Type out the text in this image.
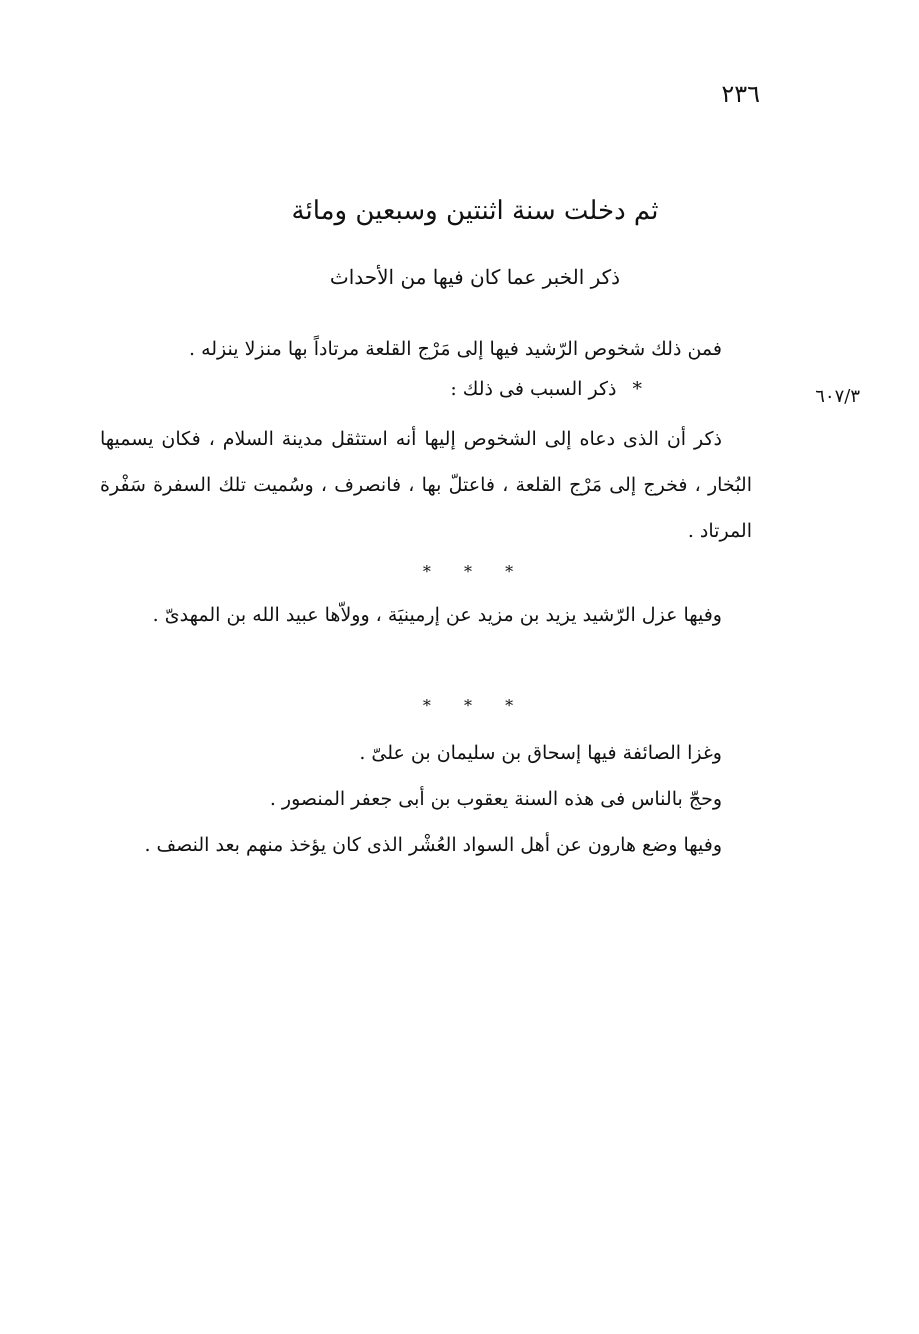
٢٣٦
٦٠٧/٣
ثم دخلت سنة اثنتين وسبعين ومائة
ذكر الخبر عما كان فيها من الأحداث

فمن ذلك شخوص الرّشيد فيها إلى مَرْج القلعة مرتاداً بها منزلا ينزله .

* ذكر السبب فى ذلك :

ذكر أن الذى دعاه إلى الشخوص إليها أنه استثقل مدينة السلام ، فكان يسميها البُخار ، فخرج إلى مَرْج القلعة ، فاعتلّ بها ، فانصرف ، وسُميت تلك السفرة سَفْرة المرتاد .

* * *

وفيها عزل الرّشيد يزيد بن مزيد عن إرمينيَة ، وولاّها عبيد الله بن المهدىّ .

* * *

وغزا الصائفة فيها إسحاق بن سليمان بن علىّ .

وحجّ بالناس فى هذه السنة يعقوب بن أبى جعفر المنصور .

وفيها وضع هارون عن أهل السواد العُشْر الذى كان يؤخذ منهم بعد النصف .
